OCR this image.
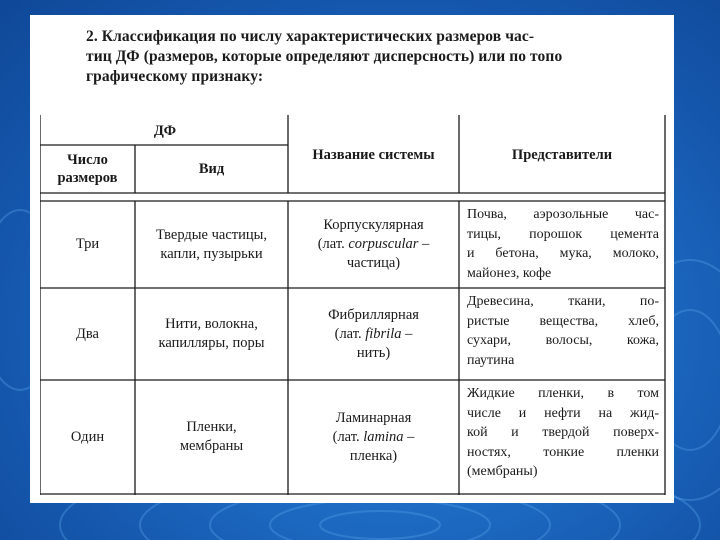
2. Классификация по числу характеристических размеров час-
тиц ДФ (размеров, которые определяют дисперсность) или по топо
графическому признаку:
ДФ
Число
размеров
Вид
Название системы	Представители
Три
Твердые частицы,
капли, пузырьки
Корпускулярная
(лат. corpuscular –
частица)
Почва, аэрозольные час-
тицы, порошок цемента
и бетона, мука, молоко,
майонез, кофе
Два
Нити, волокна,
капилляры, поры
Фибриллярная
(лат. fibrila –
нить)
Древесина, ткани, по-
ристые вещества, хлеб,
сухари, волосы, кожа,
паутина
Один
Пленки,
мембраны
Ламинарная
(лат. lamina –
пленка)
Жидкие пленки, в том
числе и нефти на жид-
кой и твердой поверх-
ностях, тонкие пленки
(мембраны)
